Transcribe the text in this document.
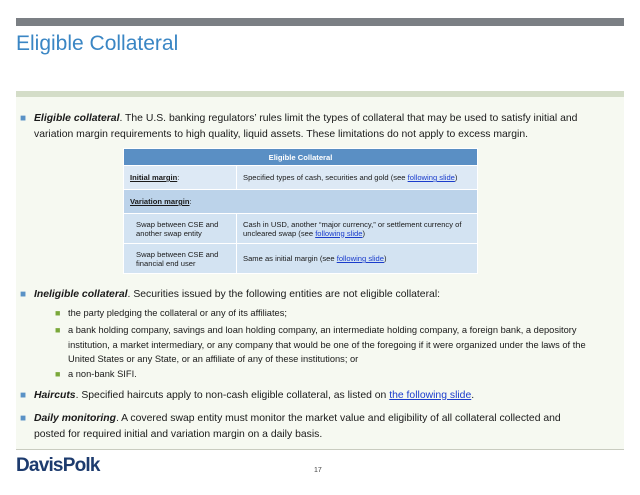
Eligible Collateral
■ Eligible collateral. The U.S. banking regulators’ rules limit the types of collateral that may be used to satisfy initial and variation margin requirements to high quality, liquid assets. These limitations do not apply to excess margin.
Eligible Collateral	
Initial margin:	Specified types of cash, securities and gold (see following slide)
Variation margin:	
Swap between CSE and another swap entity	Cash in USD, another “major currency,” or settlement currency of uncleared swap (see following slide)
Swap between CSE and financial end user	Same as initial margin (see following slide)
■ Ineligible collateral. Securities issued by the following entities are not eligible collateral:
■ the party pledging the collateral or any of its affiliates;
■ a bank holding company, savings and loan holding company, an intermediate holding company, a foreign bank, a depository institution, a market intermediary, or any company that would be one of the foregoing if it were organized under the laws of the United States or any State, or an affiliate of any of these institutions; or
■ a non-bank SIFI.
■ Haircuts. Specified haircuts apply to non-cash eligible collateral, as listed on the following slide.
■ Daily monitoring. A covered swap entity must monitor the market value and eligibility of all collateral collected and posted for required initial and variation margin on a daily basis.
DavisPolk	17
